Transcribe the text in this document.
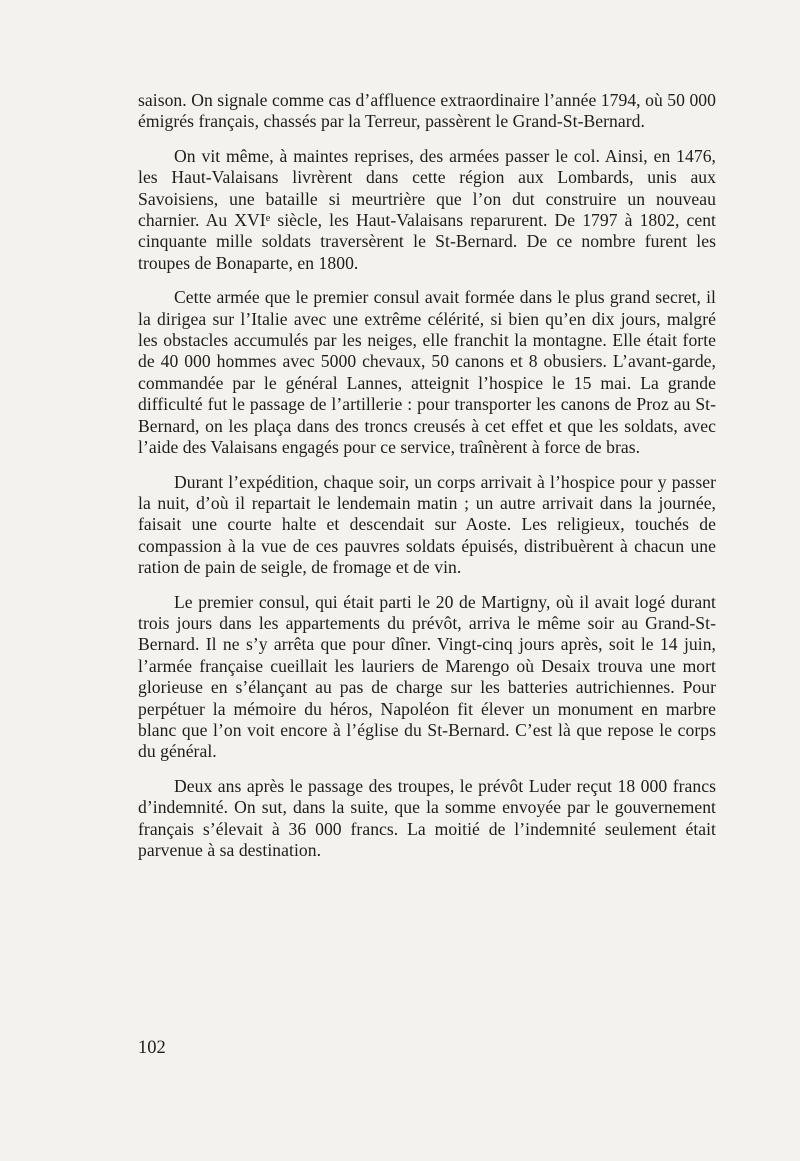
saison. On signale comme cas d’affluence extraordinaire l’année 1794, où 50 000 émigrés français, chassés par la Terreur, passèrent le Grand-St-Bernard.

On vit même, à maintes reprises, des armées passer le col. Ainsi, en 1476, les Haut-Valaisans livrèrent dans cette région aux Lombards, unis aux Savoisiens, une bataille si meurtrière que l’on dut construire un nouveau charnier. Au XVIᵉ siècle, les Haut-Valaisans reparurent. De 1797 à 1802, cent cinquante mille soldats traversèrent le St-Bernard. De ce nombre furent les troupes de Bonaparte, en 1800.

Cette armée que le premier consul avait formée dans le plus grand secret, il la dirigea sur l’Italie avec une extrême célérité, si bien qu’en dix jours, malgré les obstacles accumulés par les neiges, elle franchit la montagne. Elle était forte de 40 000 hommes avec 5000 chevaux, 50 canons et 8 obusiers. L’avant-garde, commandée par le général Lannes, atteignit l’hospice le 15 mai. La grande difficulté fut le passage de l’artillerie : pour transporter les canons de Proz au St-Bernard, on les plaça dans des troncs creusés à cet effet et que les soldats, avec l’aide des Valaisans engagés pour ce service, traînèrent à force de bras.

Durant l’expédition, chaque soir, un corps arrivait à l’hospice pour y passer la nuit, d’où il repartait le lendemain matin ; un autre arrivait dans la journée, faisait une courte halte et descendait sur Aoste. Les religieux, touchés de compassion à la vue de ces pauvres soldats épuisés, distribuèrent à chacun une ration de pain de seigle, de fromage et de vin.

Le premier consul, qui était parti le 20 de Martigny, où il avait logé durant trois jours dans les appartements du prévôt, arriva le même soir au Grand-St-Bernard. Il ne s’y arrêta que pour dîner. Vingt-cinq jours après, soit le 14 juin, l’armée française cueillait les lauriers de Marengo où Desaix trouva une mort glorieuse en s’élançant au pas de charge sur les batteries autrichiennes. Pour perpétuer la mémoire du héros, Napoléon fit élever un monument en marbre blanc que l’on voit encore à l’église du St-Bernard. C’est là que repose le corps du général.

Deux ans après le passage des troupes, le prévôt Luder reçut 18 000 francs d’indemnité. On sut, dans la suite, que la somme envoyée par le gouvernement français s’élevait à 36 000 francs. La moitié de l’indemnité seulement était parvenue à sa destination.

102
